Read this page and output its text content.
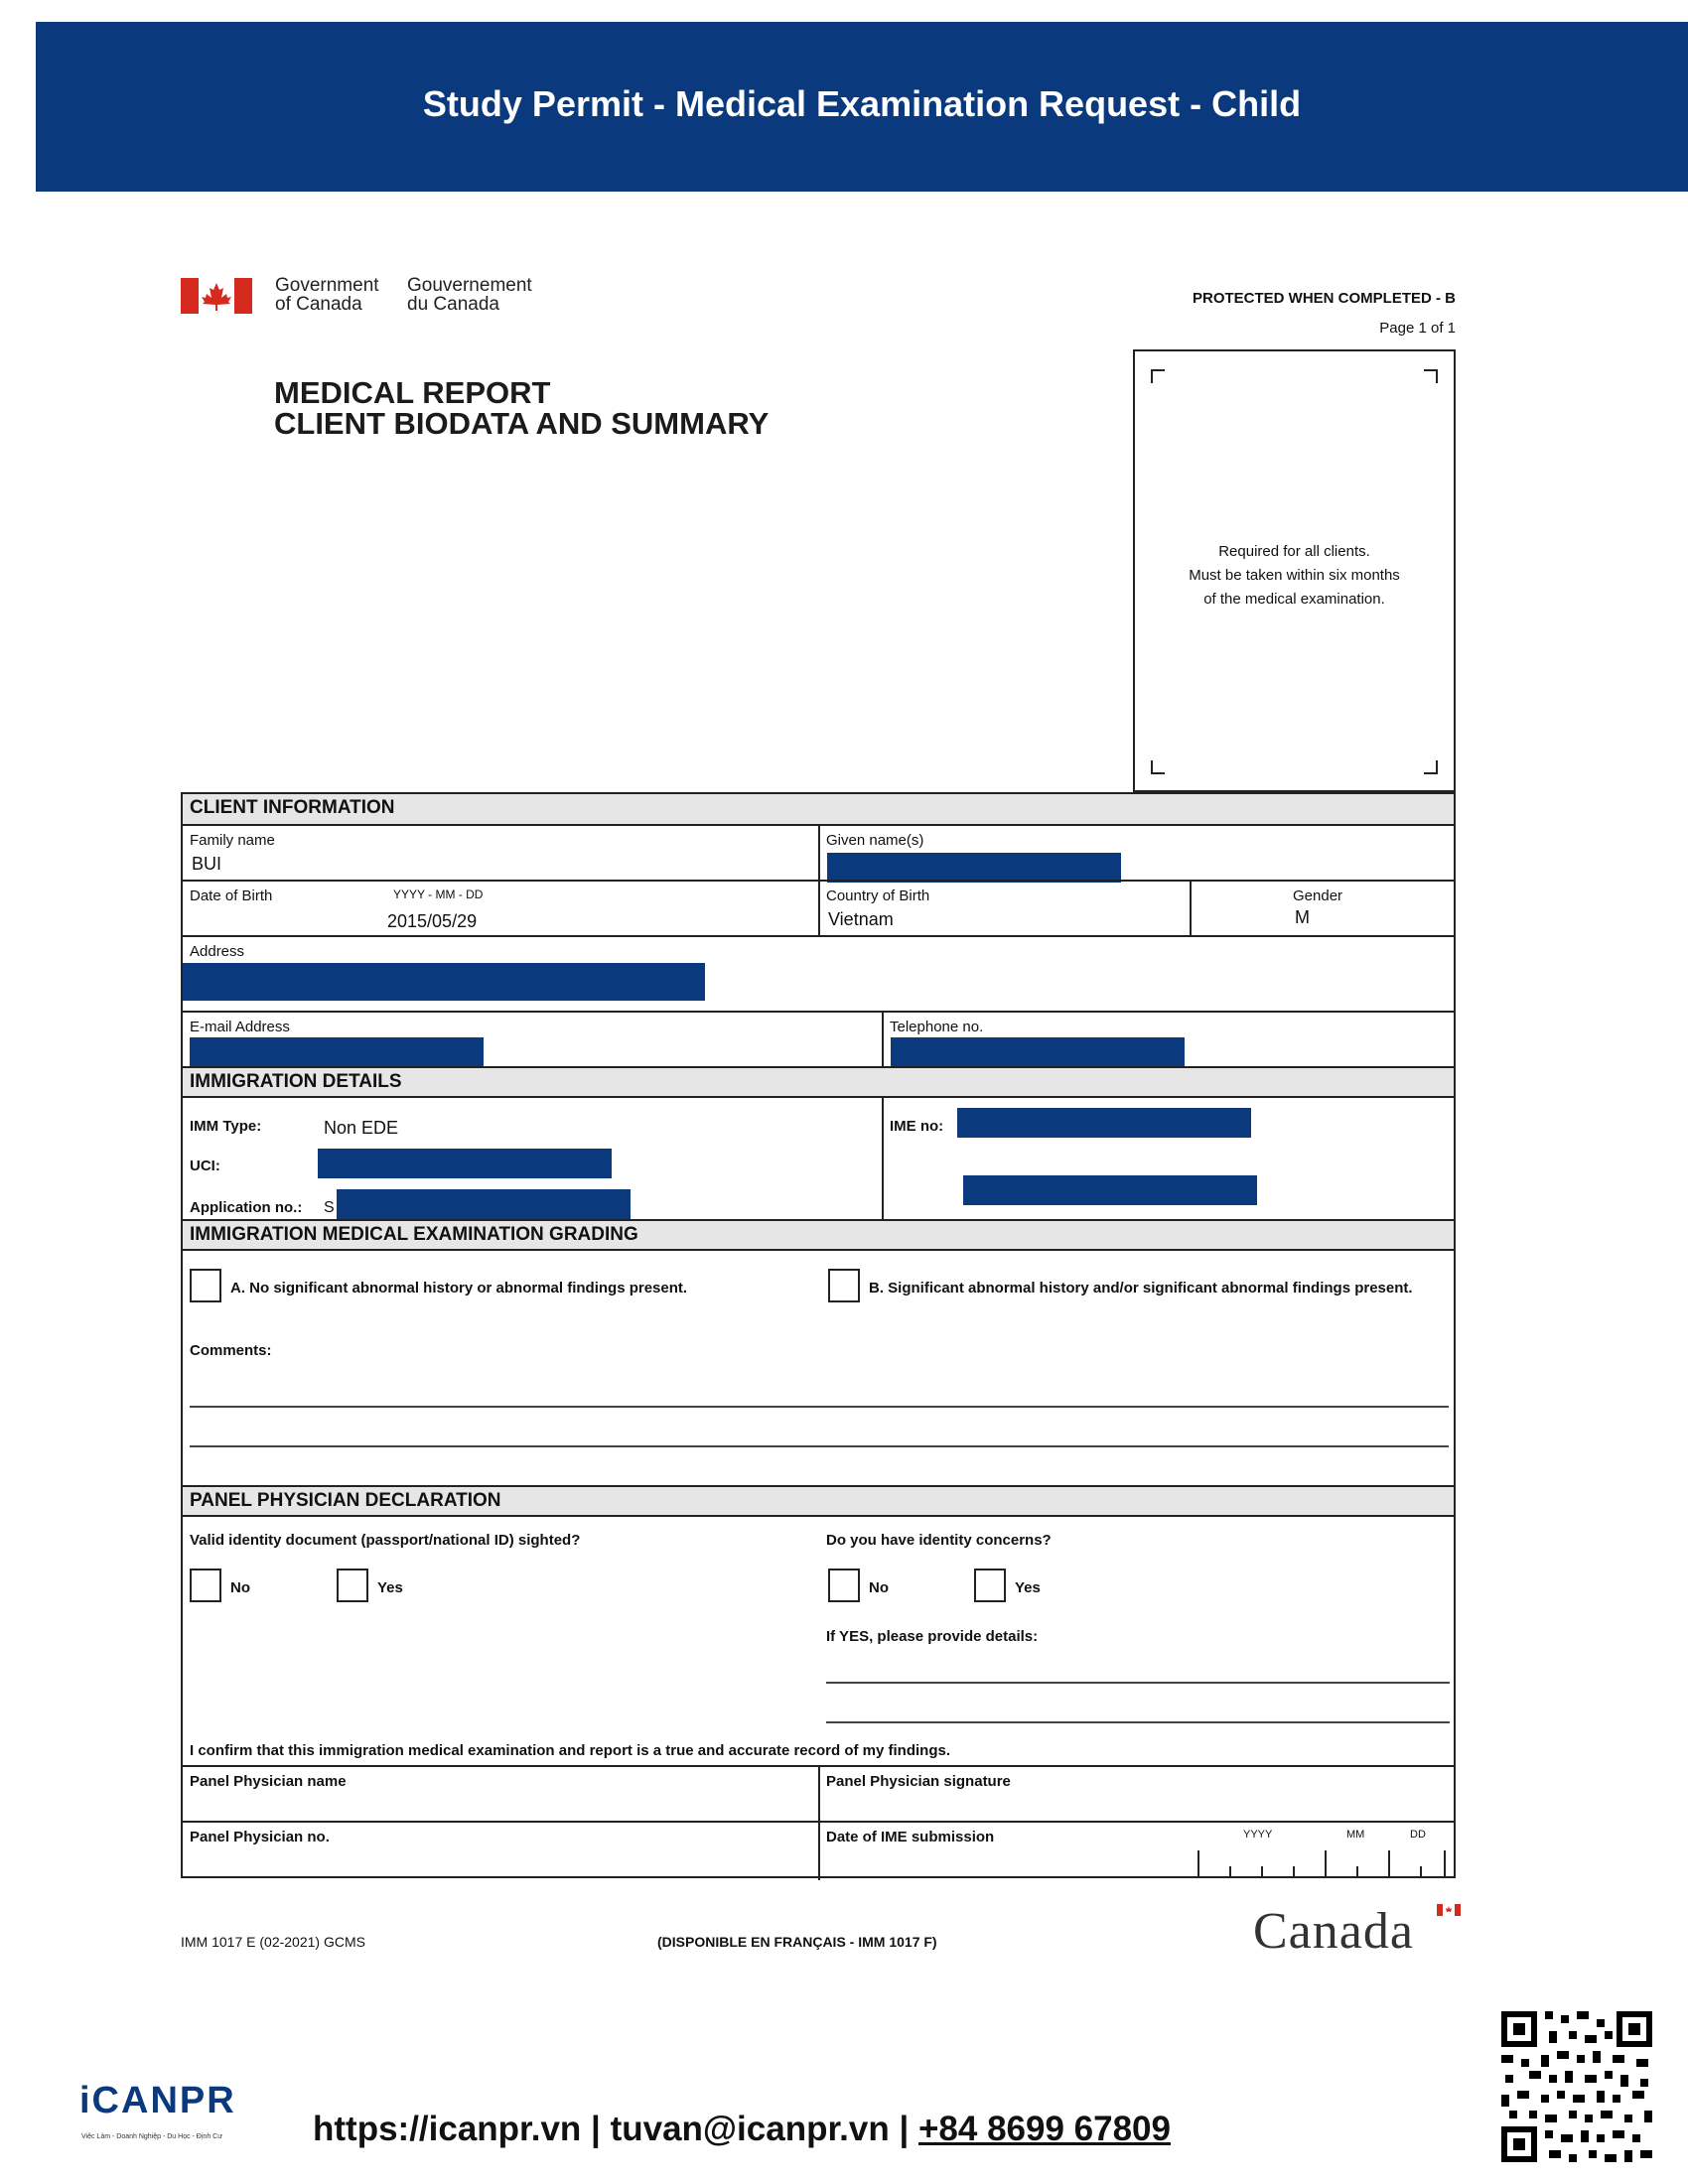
Study Permit - Medical Examination Request - Child
Government
of Canada
Gouvernement
du Canada
MEDICAL REPORT
CLIENT BIODATA AND SUMMARY
PROTECTED WHEN COMPLETED - B
Page 1 of 1
Required for all clients.
Must be taken within six months
of the medical examination.
CLIENT INFORMATION
Family name
BUI
Given name(s)
Date of Birth	YYYY - MM - DD
2015/05/29
Country of Birth
Vietnam
Gender
M
Address
E-mail Address	Telephone no.
IMMIGRATION DETAILS
IMM Type:	Non EDE
UCI:
Application no.: S
IME no:
IMMIGRATION MEDICAL EXAMINATION GRADING
A. No significant abnormal history or abnormal findings present.	B. Significant abnormal history and/or significant abnormal findings present.
Comments:
PANEL PHYSICIAN DECLARATION
Valid identity document (passport/national ID) sighted?
No	Yes
Do you have identity concerns?
No	Yes
If YES, please provide details:
I confirm that this immigration medical examination and report is a true and accurate record of my findings.
Panel Physician name	Panel Physician signature
Panel Physician no.	Date of IME submission	YYYY	MM	DD
IMM 1017 E (02-2021) GCMS	(DISPONIBLE EN FRANÇAIS - IMM 1017 F)	Canada
iCANPR
Việc Làm - Doanh Nghiệp - Du Học - Định Cư	https://icanpr.vn | tuvan@icanpr.vn | +84 8699 67809
